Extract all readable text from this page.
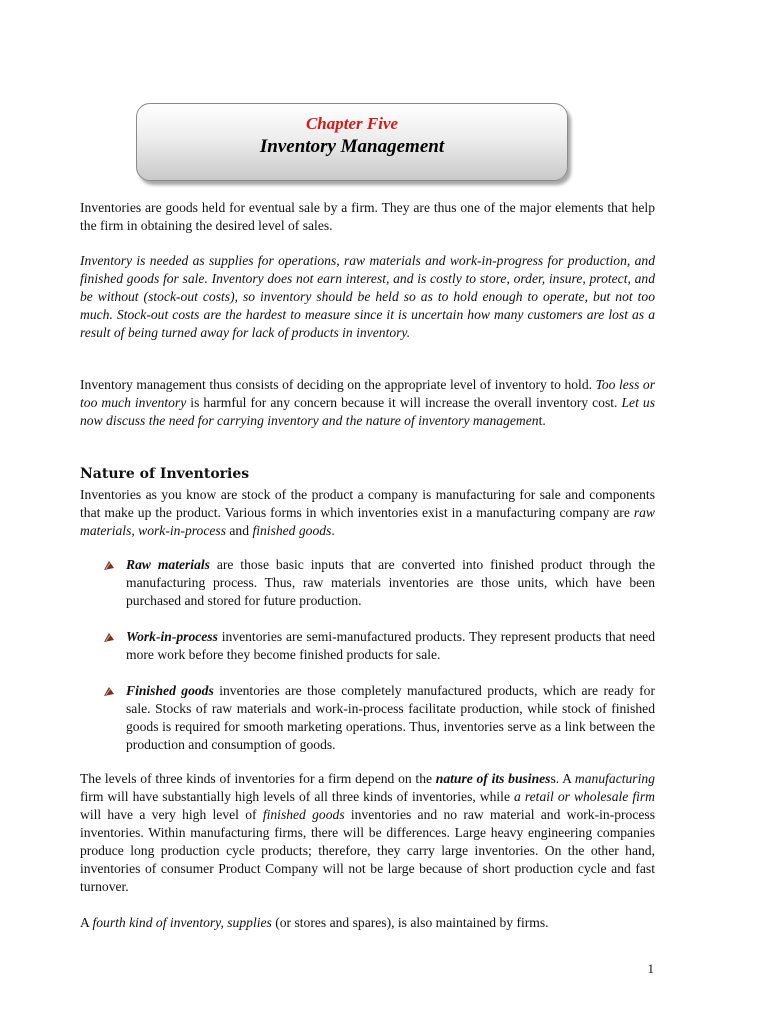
Chapter Five
Inventory Management

Inventories are goods held for eventual sale by a firm. They are thus one of the major elements that help the firm in obtaining the desired level of sales.

Inventory is needed as supplies for operations, raw materials and work-in-progress for production, and finished goods for sale. Inventory does not earn interest, and is costly to store, order, insure, protect, and be without (stock-out costs), so inventory should be held so as to hold enough to operate, but not too much. Stock-out costs are the hardest to measure since it is uncertain how many customers are lost as a result of being turned away for lack of products in inventory.

Inventory management thus consists of deciding on the appropriate level of inventory to hold. Too less or too much inventory is harmful for any concern because it will increase the overall inventory cost. Let us now discuss the need for carrying inventory and the nature of inventory management.

Nature of Inventories

Inventories as you know are stock of the product a company is manufacturing for sale and components that make up the product. Various forms in which inventories exist in a manufacturing company are raw materials, work-in-process and finished goods.

Raw materials are those basic inputs that are converted into finished product through the manufacturing process. Thus, raw materials inventories are those units, which have been purchased and stored for future production.
Work-in-process inventories are semi-manufactured products. They represent products that need more work before they become finished products for sale.
Finished goods inventories are those completely manufactured products, which are ready for sale. Stocks of raw materials and work-in-process facilitate production, while stock of finished goods is required for smooth marketing operations. Thus, inventories serve as a link between the production and consumption of goods.

The levels of three kinds of inventories for a firm depend on the nature of its business. A manufacturing firm will have substantially high levels of all three kinds of inventories, while a retail or wholesale firm will have a very high level of finished goods inventories and no raw material and work-in-process inventories. Within manufacturing firms, there will be differences. Large heavy engineering companies produce long production cycle products; therefore, they carry large inventories. On the other hand, inventories of consumer Product Company will not be large because of short production cycle and fast turnover.

A fourth kind of inventory, supplies (or stores and spares), is also maintained by firms.

1
